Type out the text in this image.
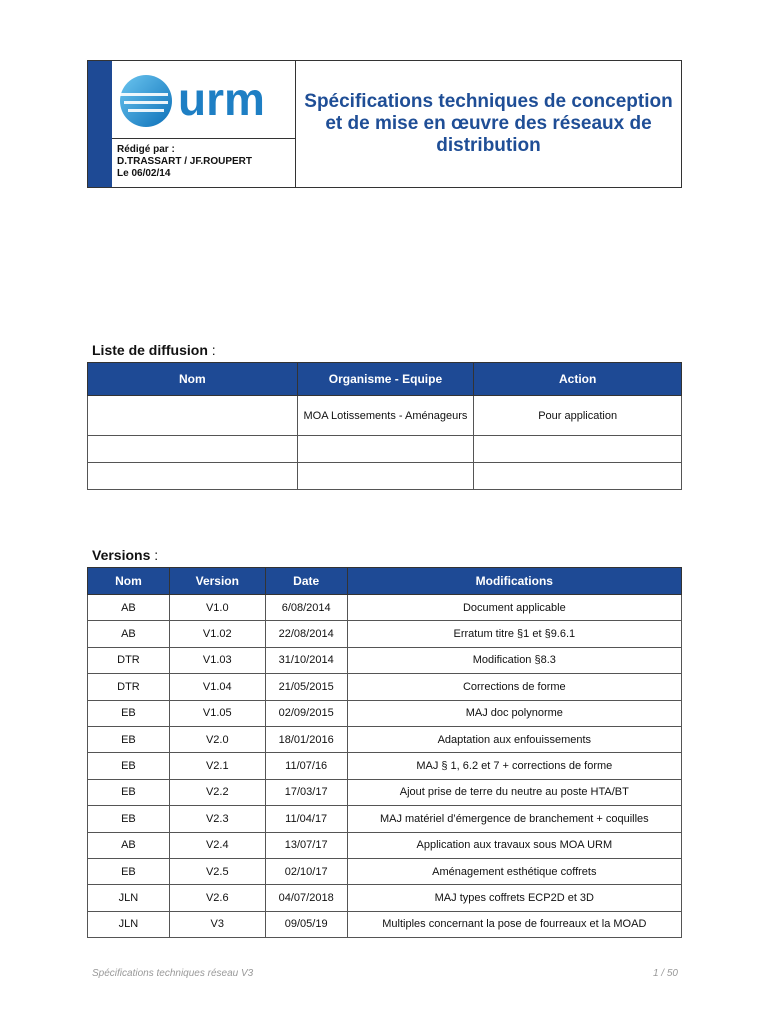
urm
Rédigé par :
D.TRASSART / JF.ROUPERT
Le 06/02/14
Spécifications techniques de conception et de mise en œuvre des réseaux de distribution
Liste de diffusion :
Nom	Organisme - Equipe	Action
	MOA Lotissements - Aménageurs	Pour application

Versions :
Nom	Version	Date	Modifications
AB	V1.0	6/08/2014	Document applicable
AB	V1.02	22/08/2014	Erratum titre §1 et §9.6.1
DTR	V1.03	31/10/2014	Modification §8.3
DTR	V1.04	21/05/2015	Corrections de forme
EB	V1.05	02/09/2015	MAJ doc polynorme
EB	V2.0	18/01/2016	Adaptation aux enfouissements
EB	V2.1	11/07/16	MAJ § 1, 6.2 et 7 + corrections de forme
EB	V2.2	17/03/17	Ajout prise de terre du neutre au poste HTA/BT
EB	V2.3	11/04/17	MAJ matériel d’émergence de branchement + coquilles
AB	V2.4	13/07/17	Application aux travaux sous MOA URM
EB	V2.5	02/10/17	Aménagement esthétique coffrets
JLN	V2.6	04/07/2018	MAJ types coffrets ECP2D et 3D
JLN	V3	09/05/19	Multiples concernant la pose de fourreaux et la MOAD
Spécifications techniques réseau V3	1 / 50
